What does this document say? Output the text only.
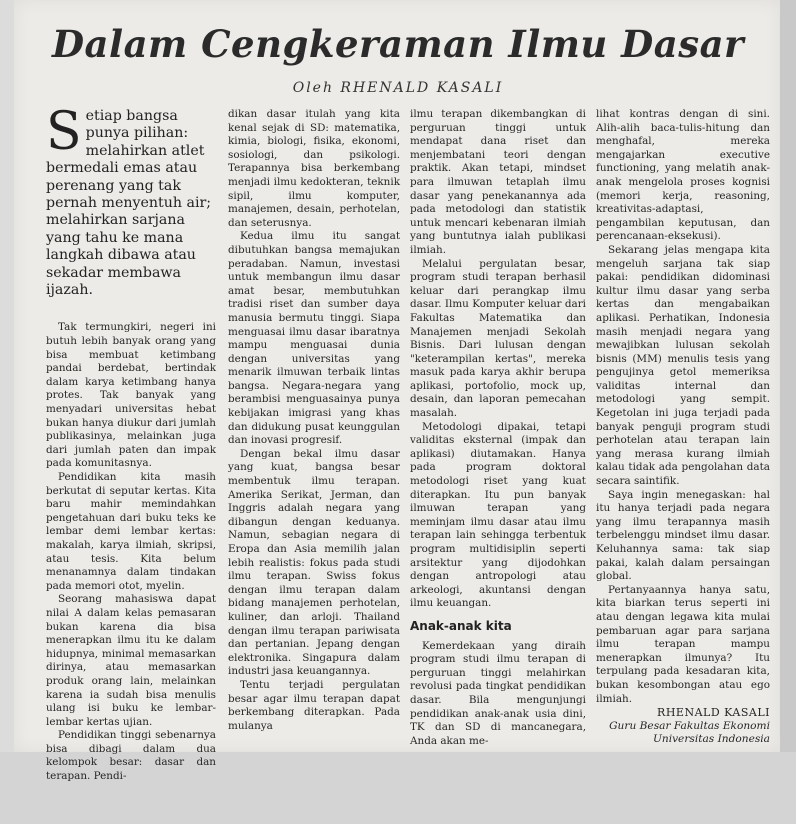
Dalam Cengkeraman Ilmu Dasar
Oleh RHENALD KASALI
Setiap bangsa punya pilihan: melahirkan atlet bermedali emas atau perenang yang tak pernah menyentuh air; melahirkan sarjana yang tahu ke mana langkah dibawa atau sekadar membawa ijazah.

Tak termungkiri, negeri ini butuh lebih banyak orang yang bisa membuat ketimbang pandai berdebat, bertindak dalam karya ketimbang hanya protes. Tak banyak yang menyadari universitas hebat bukan hanya diukur dari jumlah publikasinya, melainkan juga dari jumlah paten dan impak pada komunitasnya.

Pendidikan kita masih berkutat di seputar kertas. Kita baru mahir memindahkan pengetahuan dari buku teks ke lembar demi lembar kertas: makalah, karya ilmiah, skripsi, atau tesis. Kita belum menanamnya dalam tindakan pada memori otot, myelin.

Seorang mahasiswa dapat nilai A dalam kelas pemasaran bukan karena dia bisa menerapkan ilmu itu ke dalam hidupnya, minimal memasarkan dirinya, atau memasarkan produk orang lain, melainkan karena ia sudah bisa menulis ulang isi buku ke lembar-lembar kertas ujian.

Pendidikan tinggi sebenarnya bisa dibagi dalam dua kelompok besar: dasar dan terapan. Pendi-

dikan dasar itulah yang kita kenal sejak di SD: matematika, kimia, biologi, fisika, ekonomi, sosiologi, dan psikologi. Terapannya bisa berkembang menjadi ilmu kedokteran, teknik sipil, ilmu komputer, manajemen, desain, perhotelan, dan seterusnya.

Kedua ilmu itu sangat dibutuhkan bangsa memajukan peradaban. Namun, investasi untuk membangun ilmu dasar amat besar, membutuhkan tradisi riset dan sumber daya manusia bermutu tinggi. Siapa menguasai ilmu dasar ibaratnya mampu menguasai dunia dengan universitas yang menarik ilmuwan terbaik lintas bangsa. Negara-negara yang berambisi menguasainya punya kebijakan imigrasi yang khas dan didukung pusat keunggulan dan inovasi progresif.

Dengan bekal ilmu dasar yang kuat, bangsa besar membentuk ilmu terapan. Amerika Serikat, Jerman, dan Inggris adalah negara yang dibangun dengan keduanya. Namun, sebagian negara di Eropa dan Asia memilih jalan lebih realistis: fokus pada studi ilmu terapan. Swiss fokus dengan ilmu terapan dalam bidang manajemen perhotelan, kuliner, dan arloji. Thailand dengan ilmu terapan pariwisata dan pertanian. Jepang dengan elektronika. Singapura dalam industri jasa keuangannya.

Tentu terjadi pergulatan besar agar ilmu terapan dapat berkembang diterapkan. Pada mulanya

ilmu terapan dikembangkan di perguruan tinggi untuk mendapat dana riset dan menjembatani teori dengan praktik. Akan tetapi, mindset para ilmuwan tetaplah ilmu dasar yang penekanannya ada pada metodologi dan statistik untuk mencari kebenaran ilmiah yang buntutnya ialah publikasi ilmiah.

Melalui pergulatan besar, program studi terapan berhasil keluar dari perangkap ilmu dasar. Ilmu Komputer keluar dari Fakultas Matematika dan Manajemen menjadi Sekolah Bisnis. Dari lulusan dengan "keterampilan kertas", mereka masuk pada karya akhir berupa aplikasi, portofolio, mock up, desain, dan laporan pemecahan masalah.

Metodologi dipakai, tetapi validitas eksternal (impak dan aplikasi) diutamakan. Hanya pada program doktoral metodologi riset yang kuat diterapkan. Itu pun banyak ilmuwan terapan yang meminjam ilmu dasar atau ilmu terapan lain sehingga terbentuk program multidisiplin seperti arsitektur yang dijodohkan dengan antropologi atau arkeologi, akuntansi dengan ilmu keuangan.

Anak-anak kita

Kemerdekaan yang diraih program studi ilmu terapan di perguruan tinggi melahirkan revolusi pada tingkat pendidikan dasar. Bila mengunjungi pendidikan anak-anak usia dini, TK dan SD di mancanegara, Anda akan me-

lihat kontras dengan di sini. Alih-alih baca-tulis-hitung dan menghafal, mereka mengajarkan executive functioning, yang melatih anak-anak mengelola proses kognisi (memori kerja, reasoning, kreativitas-adaptasi, pengambilan keputusan, dan perencanaan-eksekusi).

Sekarang jelas mengapa kita mengeluh sarjana tak siap pakai: pendidikan didominasi kultur ilmu dasar yang serba kertas dan mengabaikan aplikasi. Perhatikan, Indonesia masih menjadi negara yang mewajibkan lulusan sekolah bisnis (MM) menulis tesis yang pengujinya getol memeriksa validitas internal dan metodologi yang sempit. Kegetolan ini juga terjadi pada banyak penguji program studi perhotelan atau terapan lain yang merasa kurang ilmiah kalau tidak ada pengolahan data secara saintifik.

Saya ingin menegaskan: hal itu hanya terjadi pada negara yang ilmu terapannya masih terbelenggu mindset ilmu dasar. Keluhannya sama: tak siap pakai, kalah dalam persaingan global.

Pertanyaannya hanya satu, kita biarkan terus seperti ini atau dengan legawa kita mulai pembaruan agar para sarjana ilmu terapan mampu menerapkan ilmunya? Itu terpulang pada kesadaran kita, bukan kesombongan atau ego ilmiah.

RHENALD KASALI
Guru Besar Fakultas Ekonomi
Universitas Indonesia
